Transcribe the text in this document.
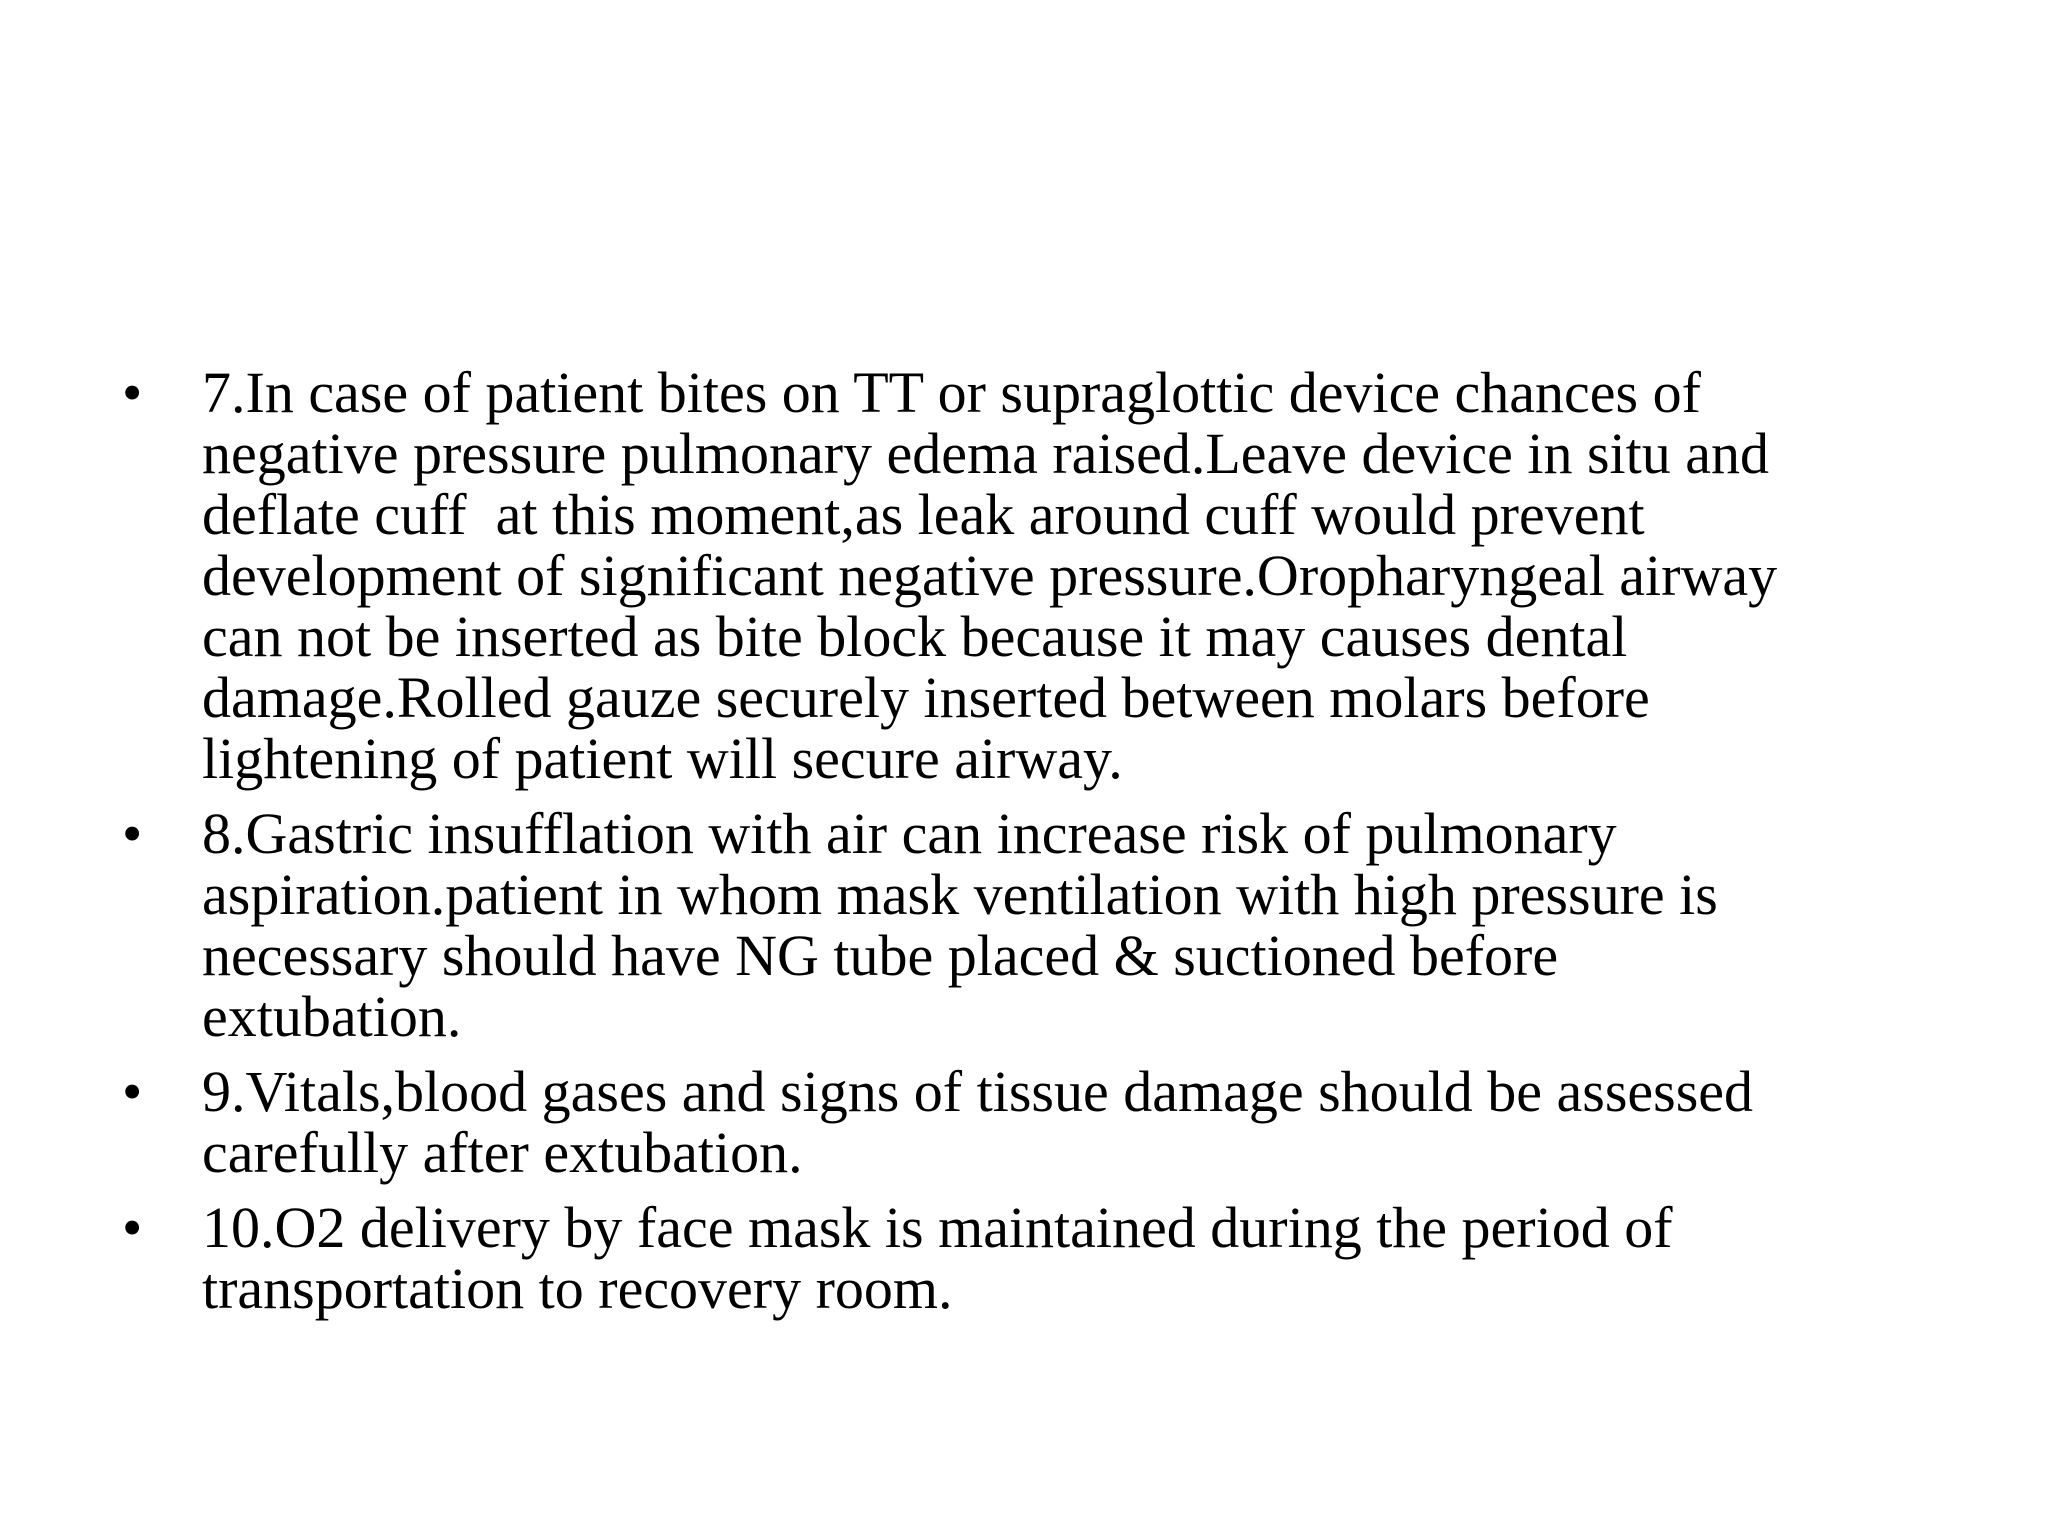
•	7.In case of patient bites on TT or supraglottic device chances of
negative pressure pulmonary edema raised.Leave device in situ and
deflate cuff  at this moment,as leak around cuff would prevent
development of significant negative pressure.Oropharyngeal airway
can not be inserted as bite block because it may causes dental
damage.Rolled gauze securely inserted between molars before
lightening of patient will secure airway.
•	8.Gastric insufflation with air can increase risk of pulmonary
aspiration.patient in whom mask ventilation with high pressure is
necessary should have NG tube placed & suctioned before
extubation.
•	9.Vitals,blood gases and signs of tissue damage should be assessed
carefully after extubation.
•	10.O2 delivery by face mask is maintained during the period of
transportation to recovery room.
